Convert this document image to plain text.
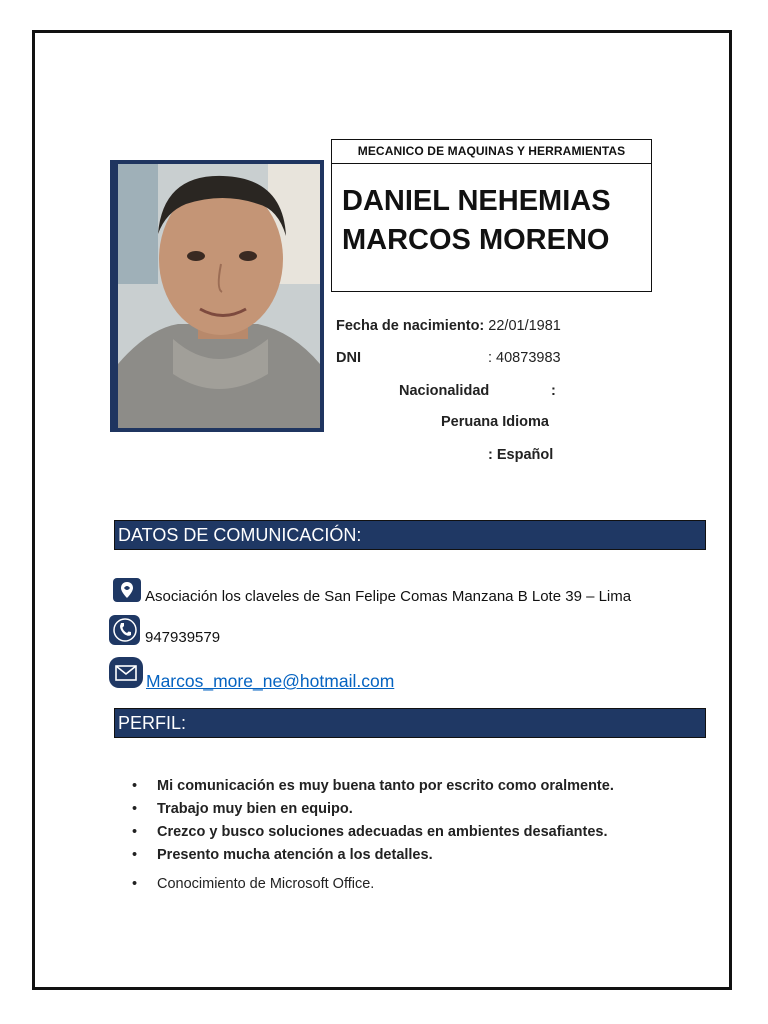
MECANICO DE MAQUINAS Y HERRAMIENTAS
DANIEL NEHEMIAS
MARCOS MORENO
Fecha de nacimiento: 22/01/1981
DNI	: 40873983
Nacionalidad	:
Peruana Idioma
: Español
DATOS DE COMUNICACIÓN:
Asociación los claveles de San Felipe Comas Manzana B Lote 39 – Lima
947939579
Marcos_more_ne@hotmail.com
PERFIL:
• Mi comunicación es muy buena tanto por escrito como oralmente.
• Trabajo muy bien en equipo.
• Crezco y busco soluciones adecuadas en ambientes desafiantes.
• Presento mucha atención a los detalles.
• Conocimiento de Microsoft Office.
